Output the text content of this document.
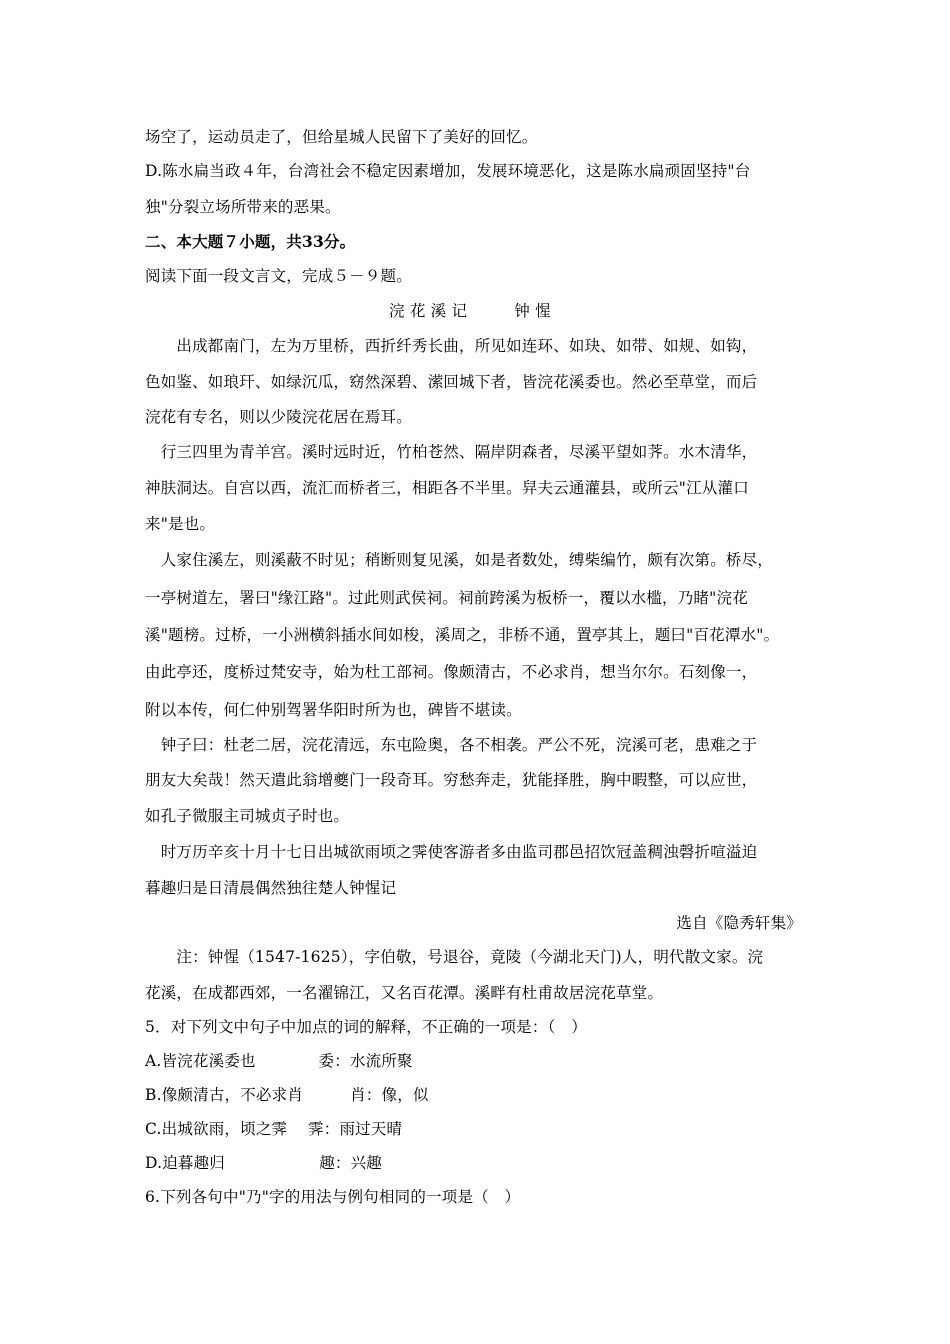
场空了，运动员走了，但给星城人民留下了美好的回忆。
D.陈水扁当政４年，台湾社会不稳定因素增加，发展环境恶化，这是陈水扁顽固坚持"台
独"分裂立场所带来的恶果。
二、本大题７小题，共33分。
阅读下面一段文言文，完成５－９题。
浣 花 溪 记　　　钟 惺
　　出成都南门，左为万里桥，西折纤秀长曲，所见如连环、如玦、如带、如规、如钩，
色如鉴、如琅玕、如绿沉瓜，窈然深碧、潆回城下者，皆浣花溪委也。然必至草堂，而后
浣花有专名，则以少陵浣花居在焉耳。
　行三四里为青羊宫。溪时远时近，竹柏苍然、隔岸阴森者，尽溪平望如荠。水木清华，
神肤洞达。自宫以西，流汇而桥者三，相距各不半里。舁夫云通灌县，或所云"江从灌口
来"是也。
　人家住溪左，则溪蔽不时见；稍断则复见溪，如是者数处，缚柴编竹，颇有次第。桥尽，
一亭树道左，署曰"缘江路"。过此则武侯祠。祠前跨溪为板桥一，覆以水槛，乃睹"浣花
溪"题榜。过桥，一小洲横斜插水间如梭，溪周之，非桥不通，置亭其上，题曰"百花潭水"。
由此亭还，度桥过梵安寺，始为杜工部祠。像颇清古，不必求肖，想当尔尔。石刻像一，
附以本传，何仁仲别驾署华阳时所为也，碑皆不堪读。
　钟子曰：杜老二居，浣花清远，东屯险奥，各不相袭。严公不死，浣溪可老，患难之于
朋友大矣哉！然天遣此翁增夔门一段奇耳。穷愁奔走，犹能择胜，胸中暇整，可以应世，
如孔子微服主司城贞子时也。
　时万历辛亥十月十七日出城欲雨顷之霁使客游者多由监司郡邑招饮冠盖稠浊磬折喧溢迫
暮趣归是日清晨偶然独往楚人钟惺记
选自《隐秀轩集》
　　注：钟惺（1547-1625），字伯敬，号退谷，竟陵（今湖北天门)人，明代散文家。浣
花溪，在成都西郊，一名濯锦江，又名百花潭。溪畔有杜甫故居浣花草堂。
5．对下列文中句子中加点的词的解释，不正确的一项是：（　）
A.皆浣花溪委也　　　　委：水流所聚
B.像颇清古，不必求肖　　　肖：像，似
C.出城欲雨，顷之霁　 霁：雨过天晴
D.迫暮趣归　　　　　　趣：兴趣
6.下列各句中"乃"字的用法与例句相同的一项是（　）
